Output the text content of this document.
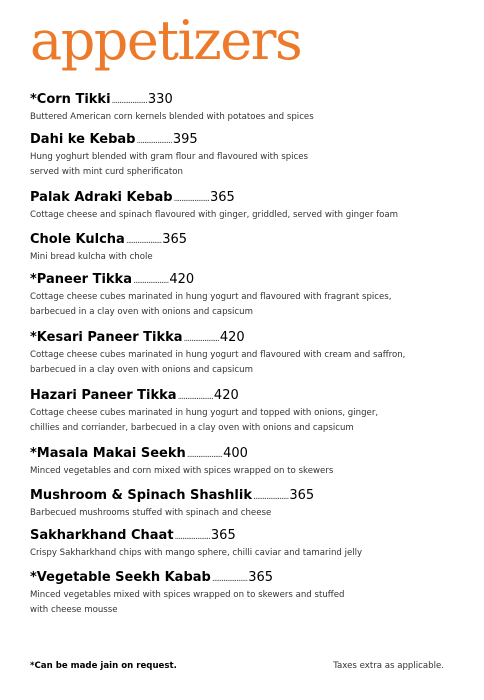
appetizers
*Corn Tikki ................... 330
Buttered American corn kernels blended with potatoes and spices
Dahi ke Kebab ................... 395
Hung yoghurt blended with gram flour and flavoured with spices
served with mint curd spherificaton
Palak Adraki Kebab ................... 365
Cottage cheese and spinach flavoured with ginger, griddled, served with ginger foam
Chole Kulcha ................... 365
Mini bread kulcha with chole
*Paneer Tikka ................... 420
Cottage cheese cubes marinated in hung yogurt and flavoured with fragrant spices,
barbecued in a clay oven with onions and capsicum
*Kesari Paneer Tikka ................... 420
Cottage cheese cubes marinated in hung yogurt and flavoured with cream and saffron,
barbecued in a clay oven with onions and capsicum
Hazari Paneer Tikka ................... 420
Cottage cheese cubes marinated in hung yogurt and topped with onions, ginger,
chillies and corriander, barbecued in a clay oven with onions and capsicum
*Masala Makai Seekh ................... 400
Minced vegetables and corn mixed with spices wrapped on to skewers
Mushroom & Spinach Shashlik ................... 365
Barbecued mushrooms stuffed with spinach and cheese
Sakharkhand Chaat ................... 365
Crispy Sakharkhand chips with mango sphere, chilli caviar and tamarind jelly
*Vegetable Seekh Kabab ................... 365
Minced vegetables mixed with spices wrapped on to skewers and stuffed
with cheese mousse
*Can be made jain on request.	Taxes extra as applicable.
